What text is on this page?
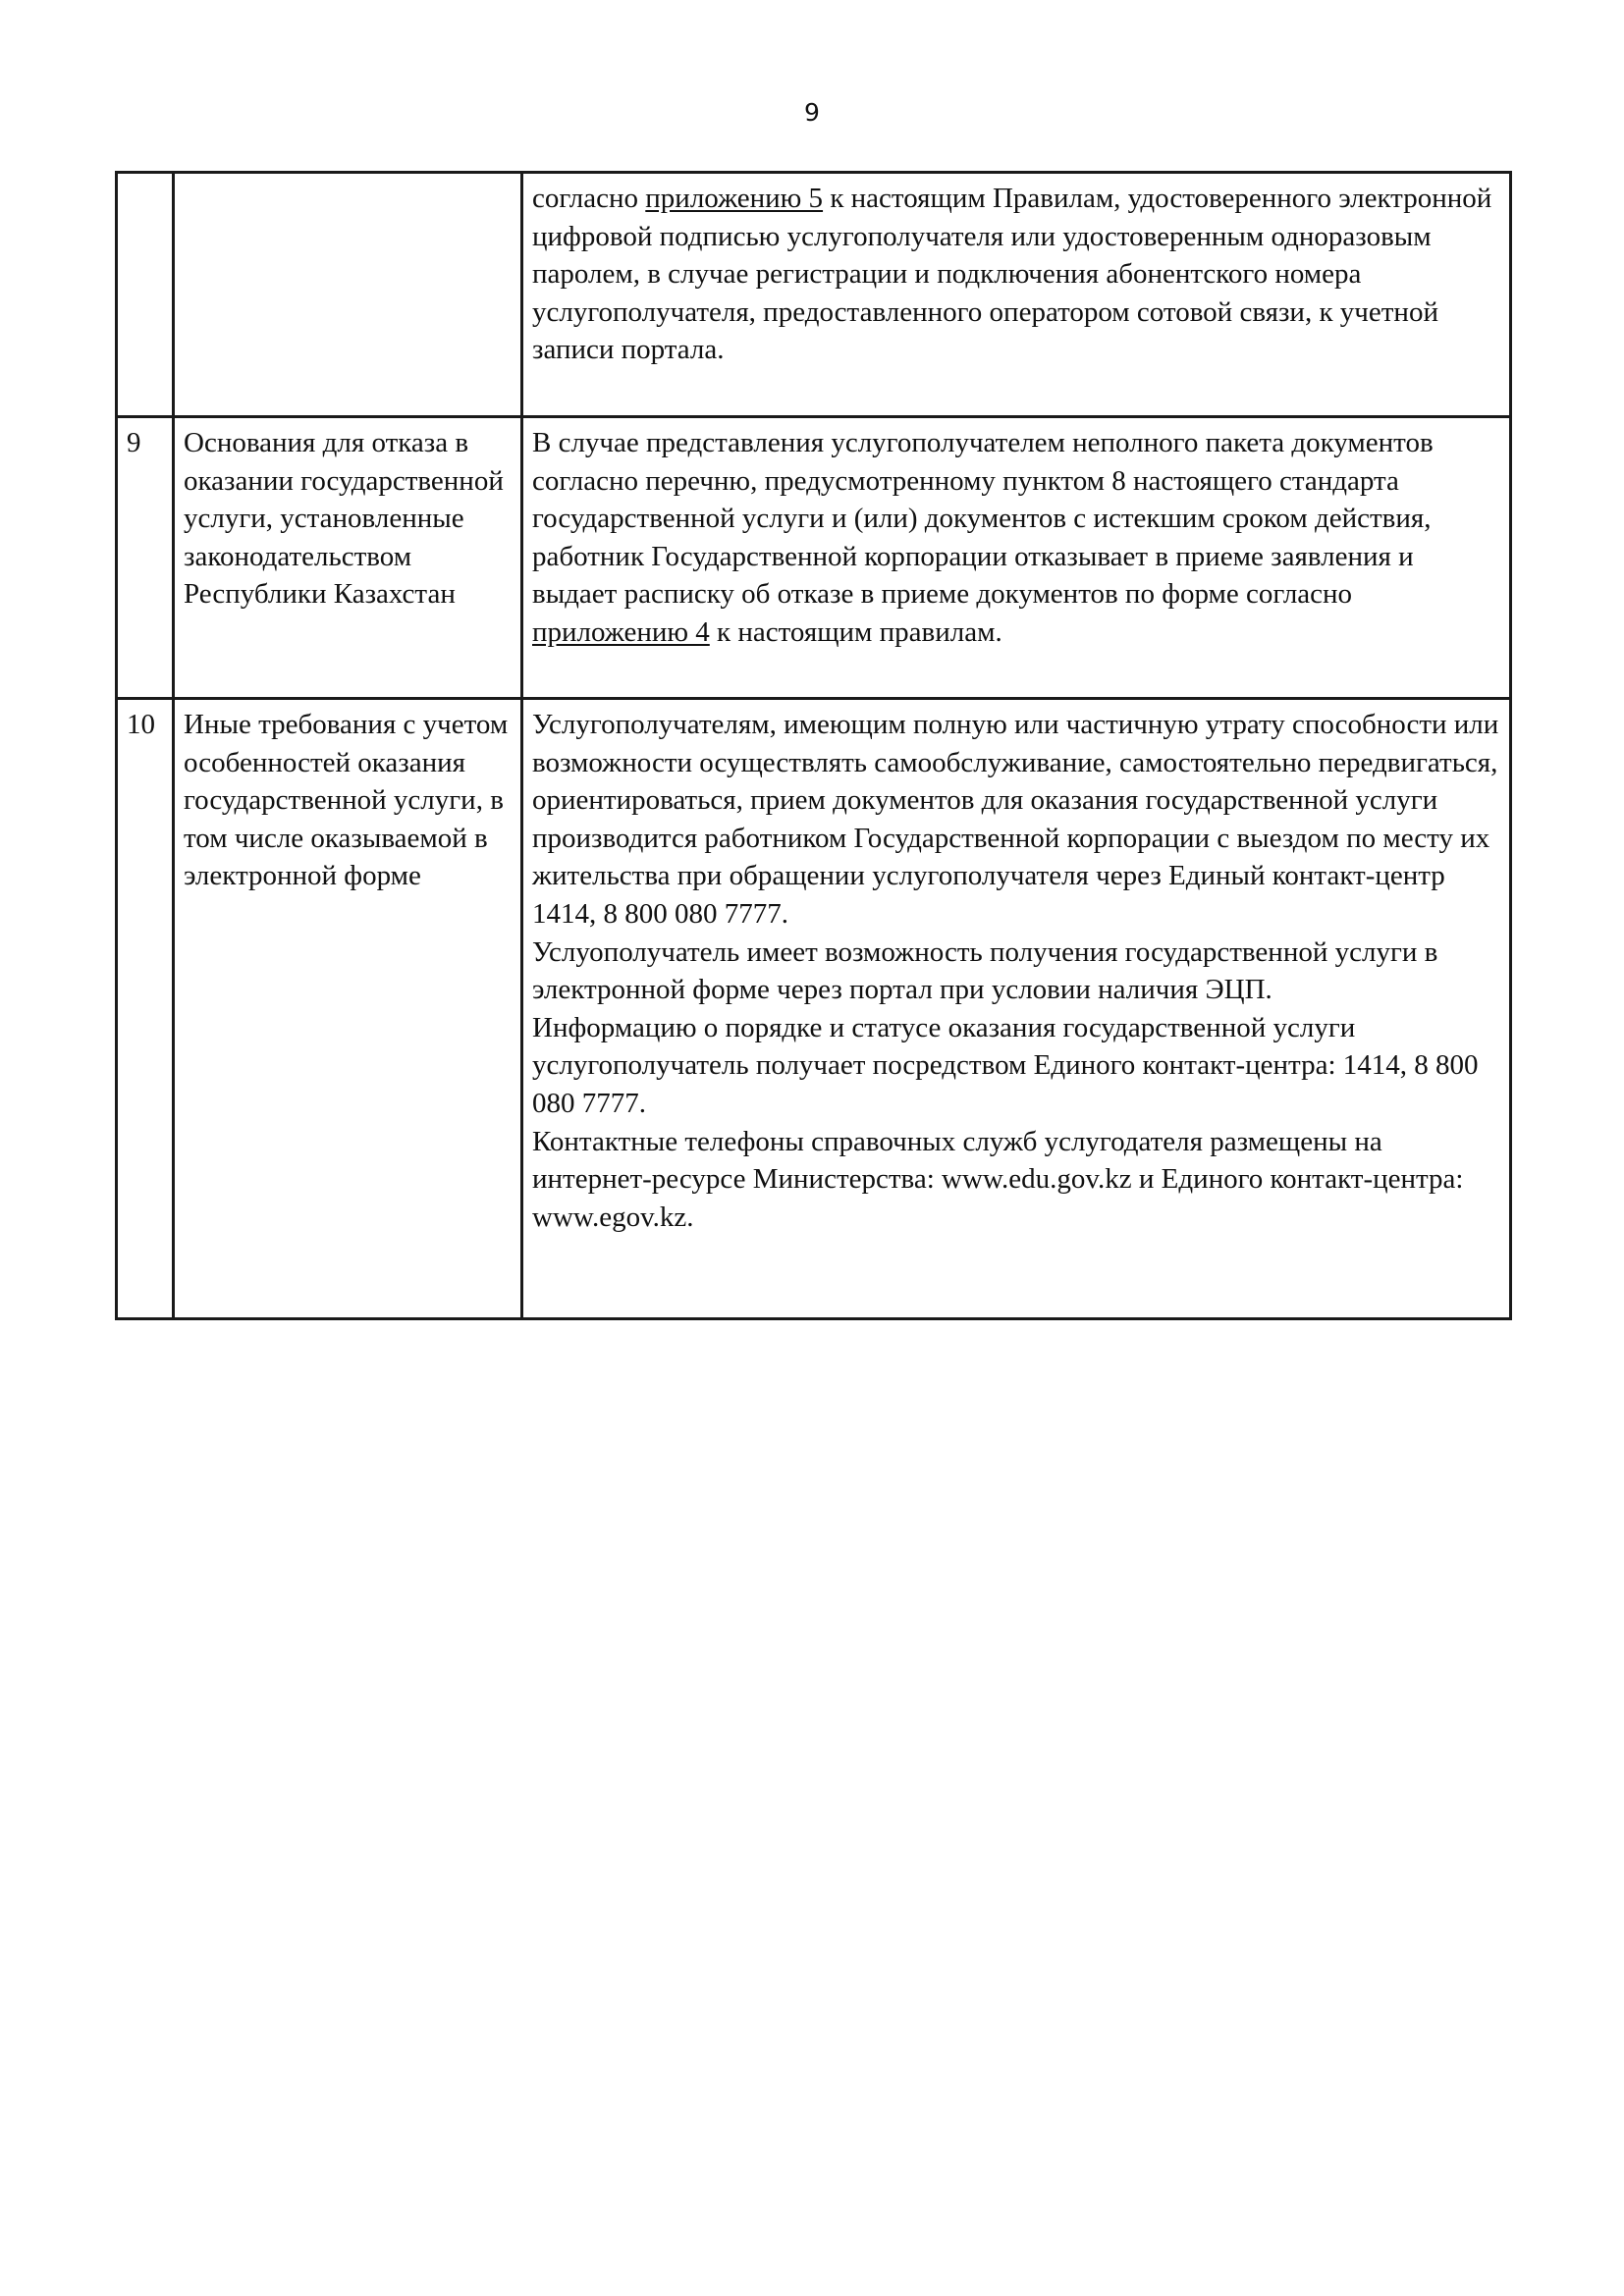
9

		согласно приложению 5 к настоящим Правилам, удостоверенного электронной цифровой подписью услугополучателя или удостоверенным одноразовым паролем, в случае регистрации и подключения абонентского номера услугополучателя, предоставленного оператором сотовой связи, к учетной записи портала.

9	Основания для отказа в оказании государственной услуги, установленные законодательством Республики Казахстан	В случае представления услугополучателем неполного пакета документов согласно перечню, предусмотренному пунктом 8 настоящего стандарта государственной услуги и (или) документов с истекшим сроком действия, работник Государственной корпорации отказывает в приеме заявления и выдает расписку об отказе в приеме документов по форме согласно приложению 4 к настоящим правилам.

10	Иные требования с учетом особенностей оказания государственной услуги, в том числе оказываемой в электронной форме	Услугополучателям, имеющим полную или частичную утрату способности или возможности осуществлять самообслуживание, самостоятельно передвигаться, ориентироваться, прием документов для оказания государственной услуги производится работником Государственной корпорации с выездом по месту их жительства при обращении услугополучателя через Единый контакт-центр 1414, 8 800 080 7777.
Услуополучатель имеет возможность получения государственной услуги в электронной форме через портал при условии наличия ЭЦП.
Информацию о порядке и статусе оказания государственной услуги услугополучатель получает посредством Единого контакт-центра: 1414, 8 800 080 7777.
Контактные телефоны справочных служб услугодателя размещены на интернет-ресурсе Министерства: www.edu.gov.kz и Единого контакт-центра: www.egov.kz.
